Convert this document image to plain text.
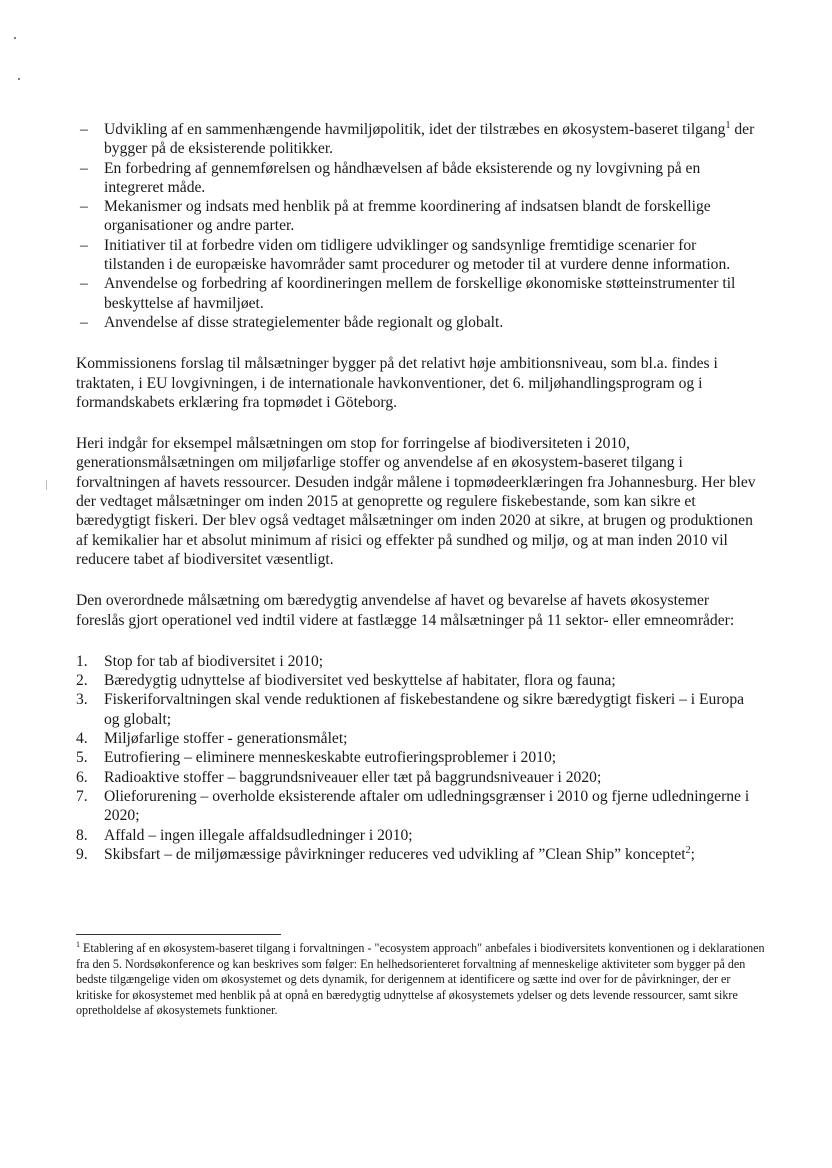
– Udvikling af en sammenhængende havmiljøpolitik, idet der tilstræbes en økosystem-baseret tilgang$^1$ der bygger på de eksisterende politikker.
– En forbedring af gennemførelsen og håndhævelsen af både eksisterende og ny lovgivning på en integreret måde.
– Mekanismer og indsats med henblik på at fremme koordinering af indsatsen blandt de forskellige organisationer og andre parter.
– Initiativer til at forbedre viden om tidligere udviklinger og sandsynlige fremtidige scenarier for tilstanden i de europæiske havområder samt procedurer og metoder til at vurdere denne information.
– Anvendelse og forbedring af koordineringen mellem de forskellige økonomiske støtteinstrumenter til beskyttelse af havmiljøet.
– Anvendelse af disse strategielementer både regionalt og globalt.

Kommissionens forslag til målsætninger bygger på det relativt høje ambitionsniveau, som bl.a. findes i traktaten, i EU lovgivningen, i de internationale havkonventioner, det 6. miljøhandlingsprogram og i formandskabets erklæring fra topmødet i Göteborg.

Heri indgår for eksempel målsætningen om stop for forringelse af biodiversiteten i 2010, generationsmålsætningen om miljøfarlige stoffer og anvendelse af en økosystem-baseret tilgang i forvaltningen af havets ressourcer. Desuden indgår målene i topmødeerklæringen fra Johannesburg. Her blev der vedtaget målsætninger om inden 2015 at genoprette og regulere fiskebestande, som kan sikre et bæredygtigt fiskeri. Der blev også vedtaget målsætninger om inden 2020 at sikre, at brugen og produktionen af kemikalier har et absolut minimum af risici og effekter på sundhed og miljø, og at man inden 2010 vil reducere tabet af biodiversitet væsentligt.

Den overordnede målsætning om bæredygtig anvendelse af havet og bevarelse af havets økosystemer foreslås gjort operationel ved indtil videre at fastlægge 14 målsætninger på 11 sektor- eller emneområder:

1. Stop for tab af biodiversitet i 2010;
2. Bæredygtig udnyttelse af biodiversitet ved beskyttelse af habitater, flora og fauna;
3. Fiskeriforvaltningen skal vende reduktionen af fiskebestandene og sikre bæredygtigt fiskeri – i Europa og globalt;
4. Miljøfarlige stoffer - generationsmålet;
5. Eutrofiering – eliminere menneskeskabte eutrofieringsproblemer i 2010;
6. Radioaktive stoffer – baggrundsniveauer eller tæt på baggrundsniveauer i 2020;
7. Olieforurening – overholde eksisterende aftaler om udledningsgrænser i 2010 og fjerne udledningerne i 2020;
8. Affald – ingen illegale affaldsudledninger i 2010;
9. Skibsfart – de miljømæssige påvirkninger reduceres ved udvikling af ”Clean Ship” konceptet$^2$;
$^1$ Etablering af en økosystem-baseret tilgang i forvaltningen - "ecosystem approach" anbefales i biodiversitets konventionen og i deklarationen fra den 5. Nordsøkonference og kan beskrives som følger: En helhedsorienteret forvaltning af menneskelige aktiviteter som bygger på den bedste tilgængelige viden om økosystemet og dets dynamik, for derigennem at identificere og sætte ind over for de påvirkninger, der er kritiske for økosystemet med henblik på at opnå en bæredygtig udnyttelse af økosystemets ydelser og dets levende ressourcer, samt sikre opretholdelse af økosystemets funktioner.
